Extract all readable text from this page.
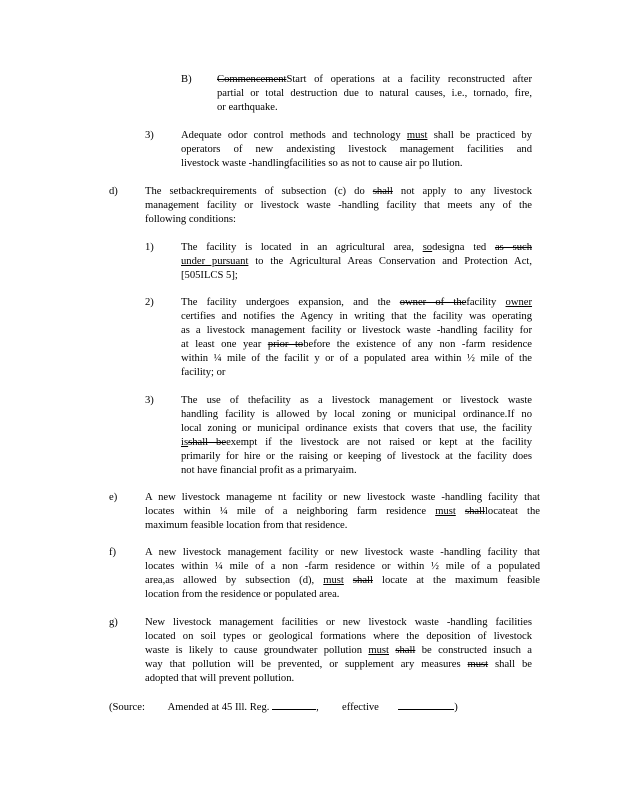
B) CommencementStart of operations at a facility reconstructed after
partial or total destruction due to natural causes, i.e., tornado, fire,
or earthquake.
3)	Adequate odor control methods and technology must shall be practiced by
operators of new andexisting livestock management facilities and
livestock waste -handlingfacilities so as not to cause air po llution.
d)	The setbackrequirements of subsection (c) do shall not apply to any livestock
management facility or livestock waste -handling facility that meets any of the
following conditions:
1)	The facility is located in an agricultural area, sodesigna ted as such
under pursuant to the Agricultural Areas Conservation and Protection Act,
[505ILCS 5];
2)	The facility undergoes expansion, and the owner of thefacility owner
certifies and notifies the Agency in writing that the facility was operating
as a livestock management facility or livestock waste -handling facility for
at least one year prior tobefore the existence of any non -farm residence
within ¼ mile of the facilit y or of a populated area within ½ mile of the
facility; or
3)	The use of thefacility as a livestock management or livestock waste
handling facility is allowed by local zoning or municipal ordinance.If no
local zoning or municipal ordinance exists that covers that use, the facility
isshall beexempt if the livestock are not raised or kept at the facility
primarily for hire or the raising or keeping of livestock at the facility does
not have financial profit as a primaryaim.
e)	A new livestock manageme nt facility or new livestock waste -handling facility that
locates within ¼ mile of a neighboring farm residence must shalllocateat the
maximum feasible location from that residence.
f)	A new livestock management facility or new livestock waste -handling facility that
locates within ¼ mile of a non -farm residence or within ½ mile of a populated
area,as allowed by subsection (d), must shall locate at the maximum feasible
location from the residence or populated area.
g)	New livestock management facilities or new livestock waste -handling facilities
located on soil types or geological formations where the deposition of livestock
waste is likely to cause groundwater pollution must shall be constructed insuch a
way that pollution will be prevented, or supplement ary measures must shall be
adopted that will prevent pollution.
(Source: Amended at 45 Ill. Reg.	,  effective	)
